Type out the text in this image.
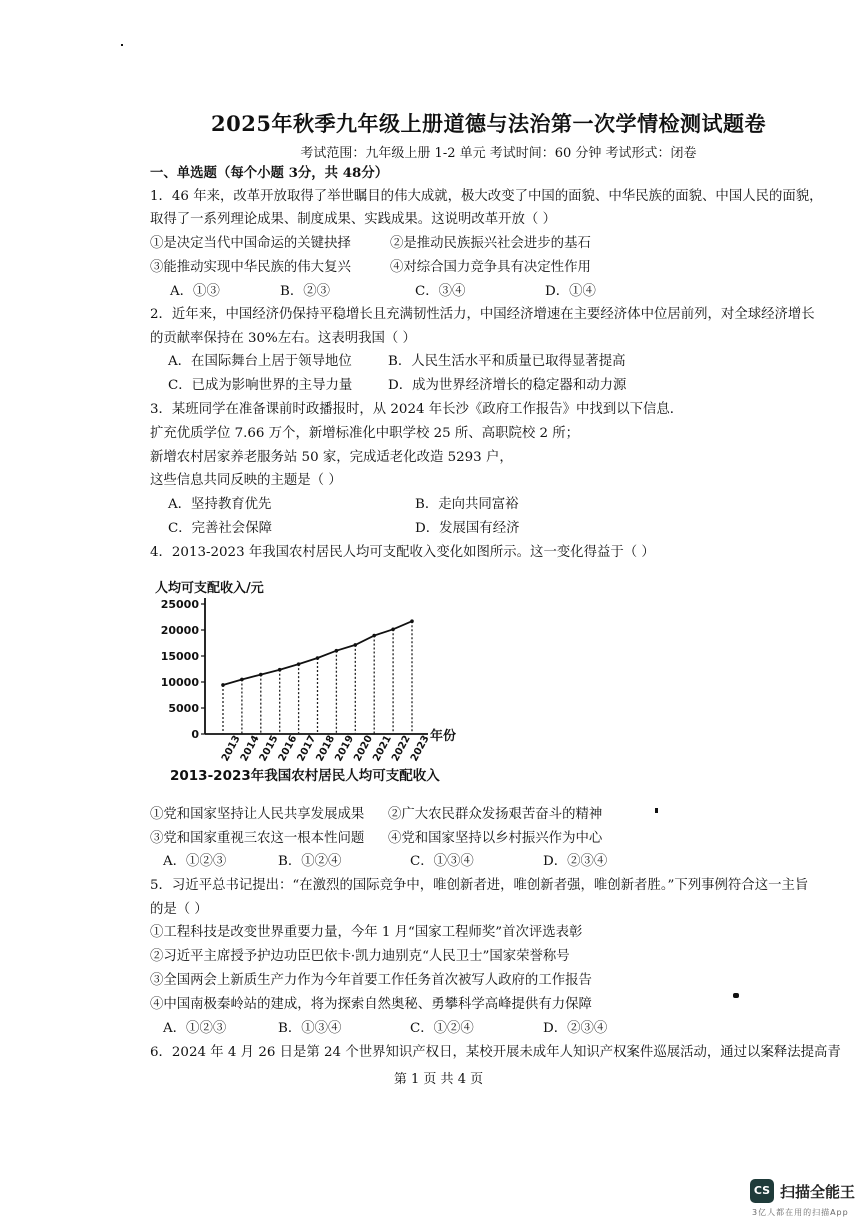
2025年秋季九年级上册道德与法治第一次学情检测试题卷
考试范围：九年级上册 1-2 单元 考试时间：60 分钟 考试形式：闭卷
一、单选题（每个小题 3分，共 48分）
1．46 年来，改革开放取得了举世瞩目的伟大成就，极大改变了中国的面貌、中华民族的面貌、中国人民的面貌，
取得了一系列理论成果、制度成果、实践成果。这说明改革开放（ ）
①是决定当代中国命运的关键抉择	②是推动民族振兴社会进步的基石
③能推动实现中华民族的伟大复兴	④对综合国力竞争具有决定性作用
A．①③	B．②③	C．③④	D．①④
2．近年来，中国经济仍保持平稳增长且充满韧性活力，中国经济增速在主要经济体中位居前列，对全球经济增长
的贡献率保持在 30%左右。这表明我国（ ）
A．在国际舞台上居于领导地位	B．人民生活水平和质量已取得显著提高
C．已成为影响世界的主导力量	D．成为世界经济增长的稳定器和动力源
3．某班同学在准备课前时政播报时，从 2024 年长沙《政府工作报告》中找到以下信息．
扩充优质学位 7.66 万个，新增标准化中职学校 25 所、高职院校 2 所；
新增农村居家养老服务站 50 家，完成适老化改造 5293 户，
这些信息共同反映的主题是（ ）
A．坚持教育优先	B．走向共同富裕
C．完善社会保障	D．发展国有经济
4．2013-2023 年我国农村居民人均可支配收入变化如图所示。这一变化得益于（ ）
人均可支配收入/元
0
5000
10000
15000
20000
25000
年份
2013
2014
2015
2016
2017
2018
2019
2020
2021
2022
2023
2013-2023年我国农村居民人均可支配收入
①党和国家坚持让人民共享发展成果 ②广大农民群众发扬艰苦奋斗的精神
③党和国家重视三农这一根本性问题 ④党和国家坚持以乡村振兴作为中心
A．①②③	B．①②④	C．①③④	D．②③④
5．习近平总书记提出：“在激烈的国际竞争中，唯创新者进，唯创新者强，唯创新者胜。”下列事例符合这一主旨
的是（ ）
①工程科技是改变世界重要力量，今年 1 月“国家工程师奖”首次评选表彰
②习近平主席授予护边功臣巴依卡·凯力迪别克“人民卫士”国家荣誉称号
③全国两会上新质生产力作为今年首要工作任务首次被写人政府的工作报告
④中国南极秦岭站的建成，将为探索自然奥秘、勇攀科学高峰提供有力保障
A．①②③	B．①③④	C．①②④	D．②③④
6．2024 年 4 月 26 日是第 24 个世界知识产权日，某校开展未成年人知识产权案件巡展活动，通过以案释法提高青
第 1 页 共 4 页
CS 扫描全能王
3亿人都在用的扫描App
